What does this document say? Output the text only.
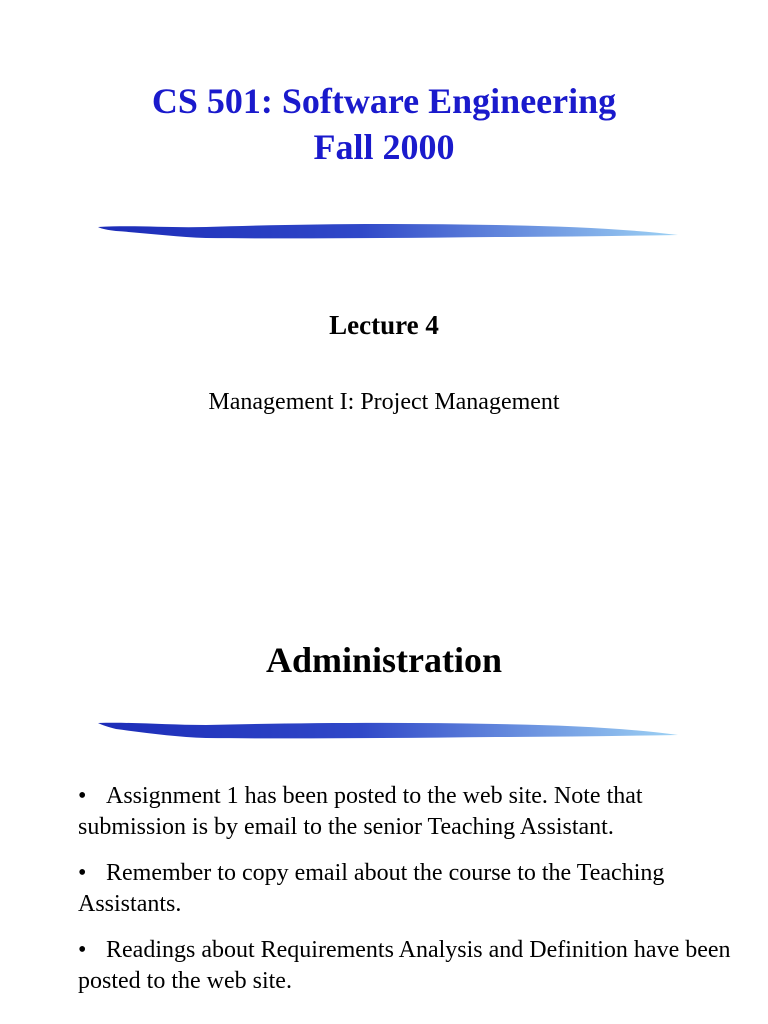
CS 501: Software Engineering
Fall 2000
Lecture 4

Management I: Project Management

Administration
• Assignment 1 has been posted to the web site. Note that submission is by email to the senior Teaching Assistant.
• Remember to copy email about the course to the Teaching Assistants.
• Readings about Requirements Analysis and Definition have been posted to the web site.
